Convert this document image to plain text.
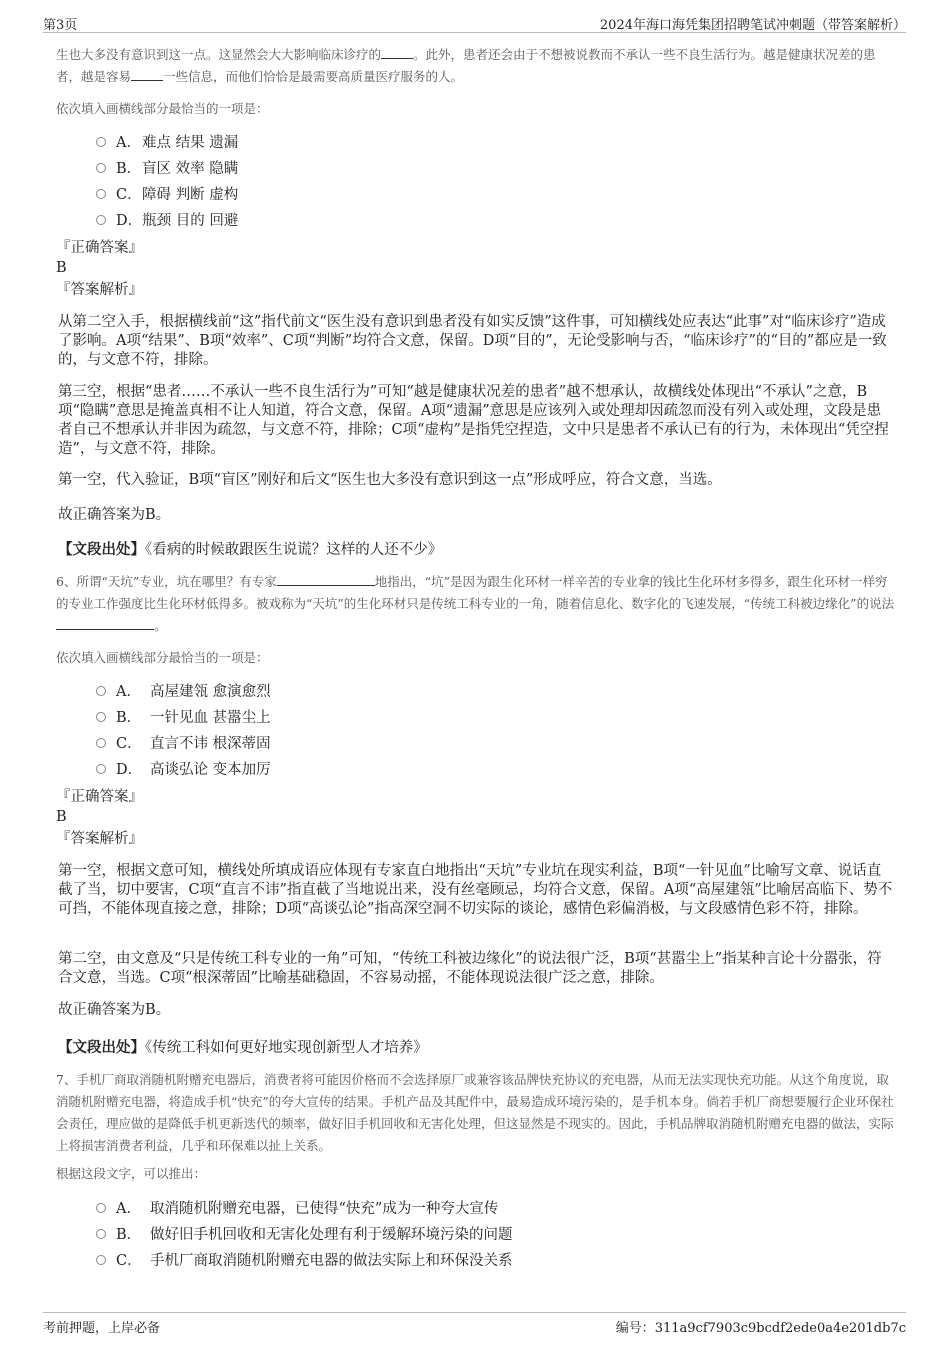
第3页	2024年海口海凭集团招聘笔试冲刺题（带答案解析）
生也大多没有意识到这一点。这显然会大大影响临床诊疗的	。此外，患者还会由于不想被说教而不承认一些不良生活行为。越是健康状况差的患者，越是容易	一些信息，而他们恰恰是最需要高质量医疗服务的人。
依次填入画横线部分最恰当的一项是：
A．难点 结果 遗漏
B．盲区 效率 隐瞒
C．障碍 判断 虚构
D．瓶颈 目的 回避
『正确答案』
B
『答案解析』
从第二空入手，根据横线前“这”指代前文“医生没有意识到患者没有如实反馈”这件事，可知横线处应表达“此事”对“临床诊疗”造成了影响。A项“结果”、B项“效率”、C项“判断”均符合文意，保留。D项“目的”，无论受影响与否，“临床诊疗”的“目的”都应是一致的，与文意不符，排除。
第三空，根据“患者……不承认一些不良生活行为”可知“越是健康状况差的患者”越不想承认，故横线处体现出“不承认”之意，B项“隐瞒”意思是掩盖真相不让人知道，符合文意，保留。A项“遗漏”意思是应该列入或处理却因疏忽而没有列入或处理，文段是患者自己不想承认并非因为疏忽，与文意不符，排除；C项“虚构”是指凭空捏造，文中只是患者不承认已有的行为，未体现出“凭空捏造”，与文意不符，排除。
第一空，代入验证，B项“盲区”刚好和后文“医生也大多没有意识到这一点”形成呼应，符合文意，当选。
故正确答案为B。
【文段出处】《看病的时候敢跟医生说谎？这样的人还不少》
6、所谓“天坑”专业，坑在哪里？有专家	地指出，“坑”是因为跟生化环材一样辛苦的专业拿的钱比生化环材多得多，跟生化环材一样穷的专业工作强度比生化环材低得多。被戏称为“天坑”的生化环材只是传统工科专业的一角，随着信息化、数字化的飞速发展，“传统工科被边缘化”的说法。
依次填入画横线部分最恰当的一项是：
A． 高屋建瓴 愈演愈烈
B． 一针见血 甚嚣尘上
C． 直言不讳 根深蒂固
D． 高谈弘论 变本加厉
『正确答案』
B
『答案解析』
第一空，根据文意可知，横线处所填成语应体现有专家直白地指出“天坑”专业坑在现实利益，B项“一针见血”比喻写文章、说话直截了当，切中要害，C项“直言不讳”指直截了当地说出来，没有丝毫顾忌，均符合文意，保留。A项“高屋建瓴”比喻居高临下、势不可挡，不能体现直接之意，排除；D项“高谈弘论”指高深空洞不切实际的谈论，感情色彩偏消极，与文段感情色彩不符，排除。
第二空，由文意及“只是传统工科专业的一角”可知，“传统工科被边缘化”的说法很广泛，B项“甚嚣尘上”指某种言论十分嚣张，符合文意，当选。C项“根深蒂固”比喻基础稳固，不容易动摇，不能体现说法很广泛之意，排除。
故正确答案为B。
【文段出处】《传统工科如何更好地实现创新型人才培养》
7、手机厂商取消随机附赠充电器后，消费者将可能因价格而不会选择原厂或兼容该品牌快充协议的充电器，从而无法实现快充功能。从这个角度说，取消随机附赠充电器，将造成手机“快充”的夸大宣传的结果。手机产品及其配件中，最易造成环境污染的，是手机本身。倘若手机厂商想要履行企业环保社会责任，理应做的是降低手机更新迭代的频率，做好旧手机回收和无害化处理，但这显然是不现实的。因此，手机品牌取消随机附赠充电器的做法，实际上将损害消费者利益，几乎和环保难以扯上关系。
根据这段文字，可以推出：
A． 取消随机附赠充电器，已使得“快充”成为一种夸大宣传
B． 做好旧手机回收和无害化处理有利于缓解环境污染的问题
C． 手机厂商取消随机附赠充电器的做法实际上和环保没关系
考前押题，上岸必备	编号：311a9cf7903c9bcdf2ede0a4e201db7c
